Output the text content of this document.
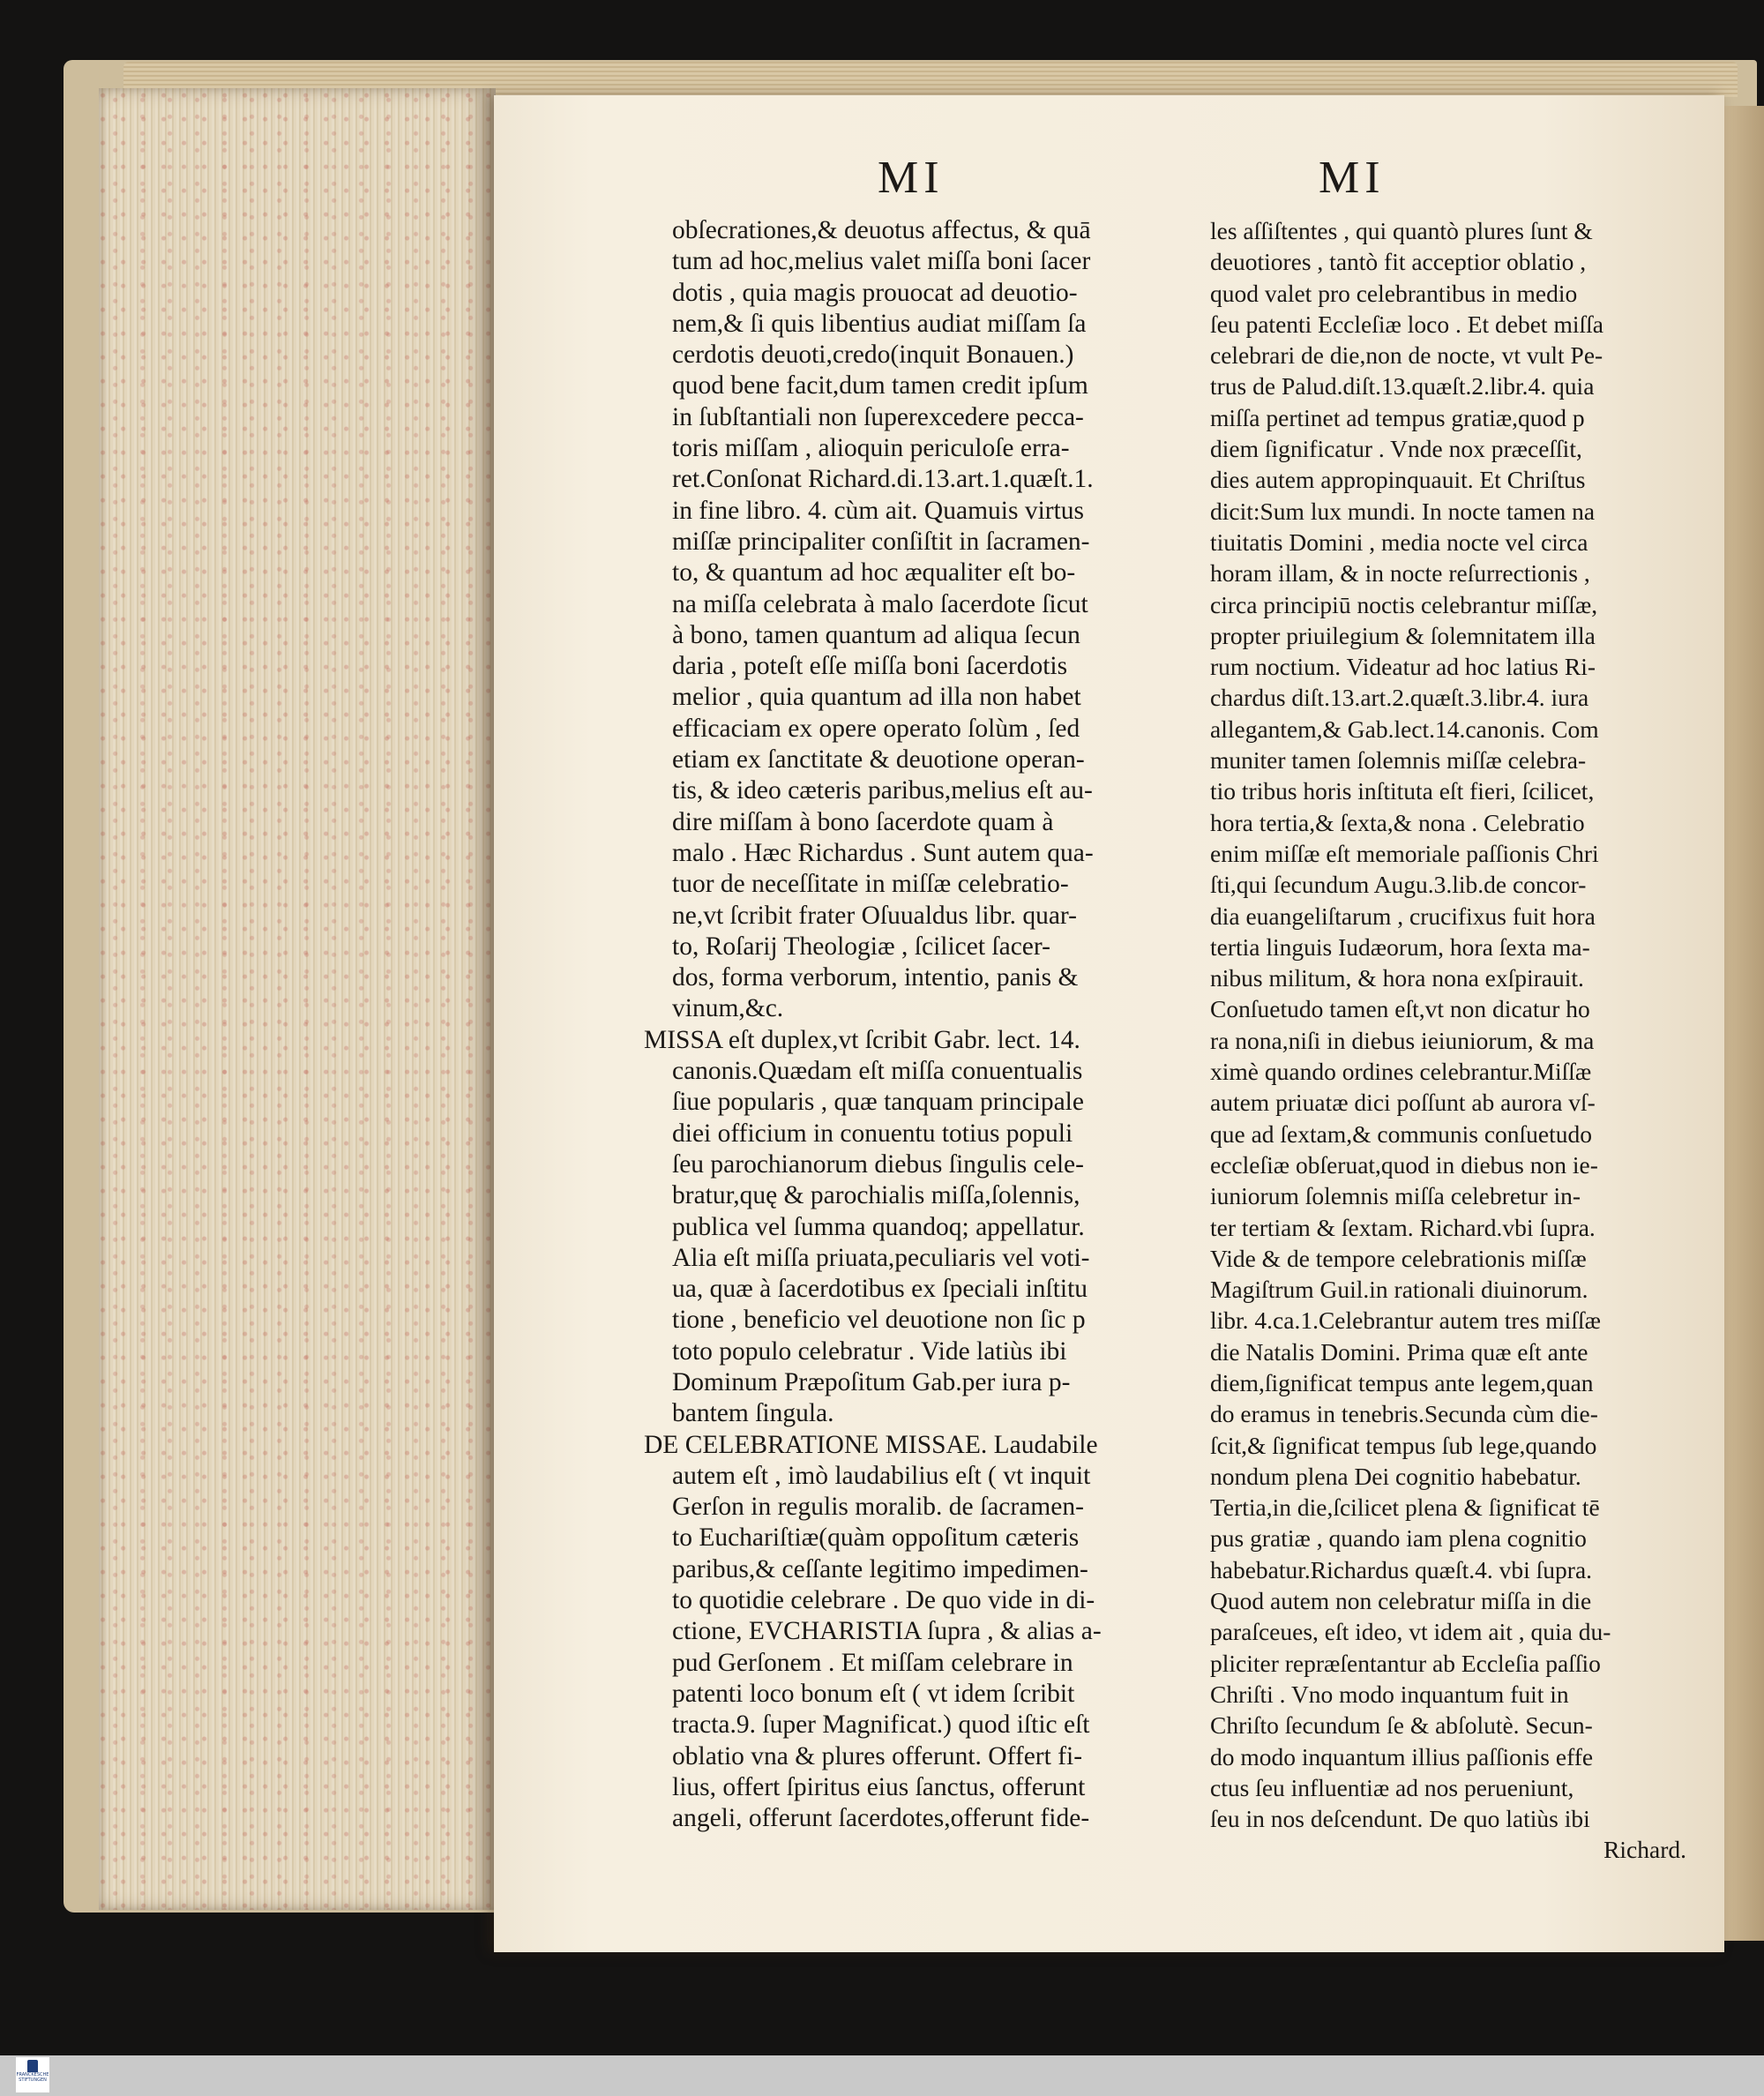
MI	MI
obſecrationes,& deuotus affectus, & quā
tum ad hoc,melius valet miſſa boni ſacer
dotis , quia magis prouocat ad deuotio-
nem,& ſi quis libentius audiat miſſam ſa
cerdotis deuoti,credo(inquit Bonauen.)
quod bene facit,dum tamen credit ipſum
in ſubſtantiali non ſuperexcedere pecca-
toris miſſam , alioquin periculoſe erra-
ret.Conſonat Richard.di.13.art.1.quæſt.1.
in fine libro. 4. cùm ait. Quamuis virtus
miſſæ principaliter conſiſtit in ſacramen-
to, & quantum ad hoc æqualiter eſt bo-
na miſſa celebrata à malo ſacerdote ſicut
à bono, tamen quantum ad aliqua ſecun
daria , poteſt eſſe miſſa boni ſacerdotis
melior , quia quantum ad illa non habet
efficaciam ex opere operato ſolùm , ſed
etiam ex ſanctitate & deuotione operan-
tis, & ideo cæteris paribus,melius eſt au-
dire miſſam à bono ſacerdote quam à
malo . Hæc Richardus . Sunt autem qua-
tuor de neceſſitate in miſſæ celebratio-
ne,vt ſcribit frater Oſuualdus libr. quar-
to, Roſarij Theologiæ , ſcilicet ſacer-
dos, forma verborum, intentio, panis &
vinum,&c.
MISSA eſt duplex,vt ſcribit Gabr. lect. 14.
canonis.Quædam eſt miſſa conuentualis
ſiue popularis , quæ tanquam principale
diei officium in conuentu totius populi
ſeu parochianorum diebus ſingulis cele-
bratur,quę & parochialis miſſa,ſolennis,
publica vel ſumma quandoq; appellatur.
Alia eſt miſſa priuata,peculiaris vel voti-
ua, quæ à ſacerdotibus ex ſpeciali inſtitu
tione , beneficio vel deuotione non ſic p
toto populo celebratur . Vide latiùs ibi
Dominum Præpoſitum Gab.per iura p-
bantem ſingula.
DE CELEBRATIONE MISSAE. Laudabile
autem eſt , imò laudabilius eſt ( vt inquit
Gerſon in regulis moralib. de ſacramen-
to Euchariſtiæ(quàm oppoſitum cæteris
paribus,& ceſſante legitimo impedimen-
to quotidie celebrare . De quo vide in di-
ctione, EVCHARISTIA ſupra , & alias a-
pud Gerſonem . Et miſſam celebrare in
patenti loco bonum eſt ( vt idem ſcribit
tracta.9. ſuper Magnificat.) quod iſtic eſt
oblatio vna & plures offerunt. Offert fi-
lius, offert ſpiritus eius ſanctus, offerunt
angeli, offerunt ſacerdotes,offerunt fide-
les aſſiſtentes , qui quantò plures ſunt &
deuotiores , tantò fit acceptior oblatio ,
quod valet pro celebrantibus in medio
ſeu patenti Eccleſiæ loco . Et debet miſſa
celebrari de die,non de nocte, vt vult Pe-
trus de Palud.diſt.13.quæſt.2.libr.4. quia
miſſa pertinet ad tempus gratiæ,quod p
diem ſignificatur . Vnde nox præceſſit,
dies autem appropinquauit. Et Chriſtus
dicit:Sum lux mundi. In nocte tamen na
tiuitatis Domini , media nocte vel circa
horam illam, & in nocte reſurrectionis ,
circa principiū noctis celebrantur miſſæ,
propter priuilegium & ſolemnitatem illa
rum noctium. Videatur ad hoc latius Ri-
chardus diſt.13.art.2.quæſt.3.libr.4. iura
allegantem,& Gab.lect.14.canonis. Com
muniter tamen ſolemnis miſſæ celebra-
tio tribus horis inſtituta eſt fieri, ſcilicet,
hora tertia,& ſexta,& nona . Celebratio
enim miſſæ eſt memoriale paſſionis Chri
ſti,qui ſecundum Augu.3.lib.de concor-
dia euangeliſtarum , crucifixus fuit hora
tertia linguis Iudæorum, hora ſexta ma-
nibus militum, & hora nona exſpirauit.
Conſuetudo tamen eſt,vt non dicatur ho
ra nona,niſi in diebus ieiuniorum, & ma
ximè quando ordines celebrantur.Miſſæ
autem priuatæ dici poſſunt ab aurora vſ-
que ad ſextam,& communis conſuetudo
eccleſiæ obſeruat,quod in diebus non ie-
iuniorum ſolemnis miſſa celebretur in-
ter tertiam & ſextam. Richard.vbi ſupra.
Vide & de tempore celebrationis miſſæ
Magiſtrum Guil.in rationali diuinorum.
libr. 4.ca.1.Celebrantur autem tres miſſæ
die Natalis Domini. Prima quæ eſt ante
diem,ſignificat tempus ante legem,quan
do eramus in tenebris.Secunda cùm die-
ſcit,& ſignificat tempus ſub lege,quando
nondum plena Dei cognitio habebatur.
Tertia,in die,ſcilicet plena & ſignificat tē
pus gratiæ , quando iam plena cognitio
habebatur.Richardus quæſt.4. vbi ſupra.
Quod autem non celebratur miſſa in die
paraſceues, eſt ideo, vt idem ait , quia du-
pliciter repræſentantur ab Eccleſia paſſio
Chriſti . Vno modo inquantum fuit in
Chriſto ſecundum ſe & abſolutè. Secun-
do modo inquantum illius paſſionis effe
ctus ſeu influentiæ ad nos perueniunt,
ſeu in nos deſcendunt. De quo latiùs ibi
Richard.
FRANCKESCHE STIFTUNGEN
